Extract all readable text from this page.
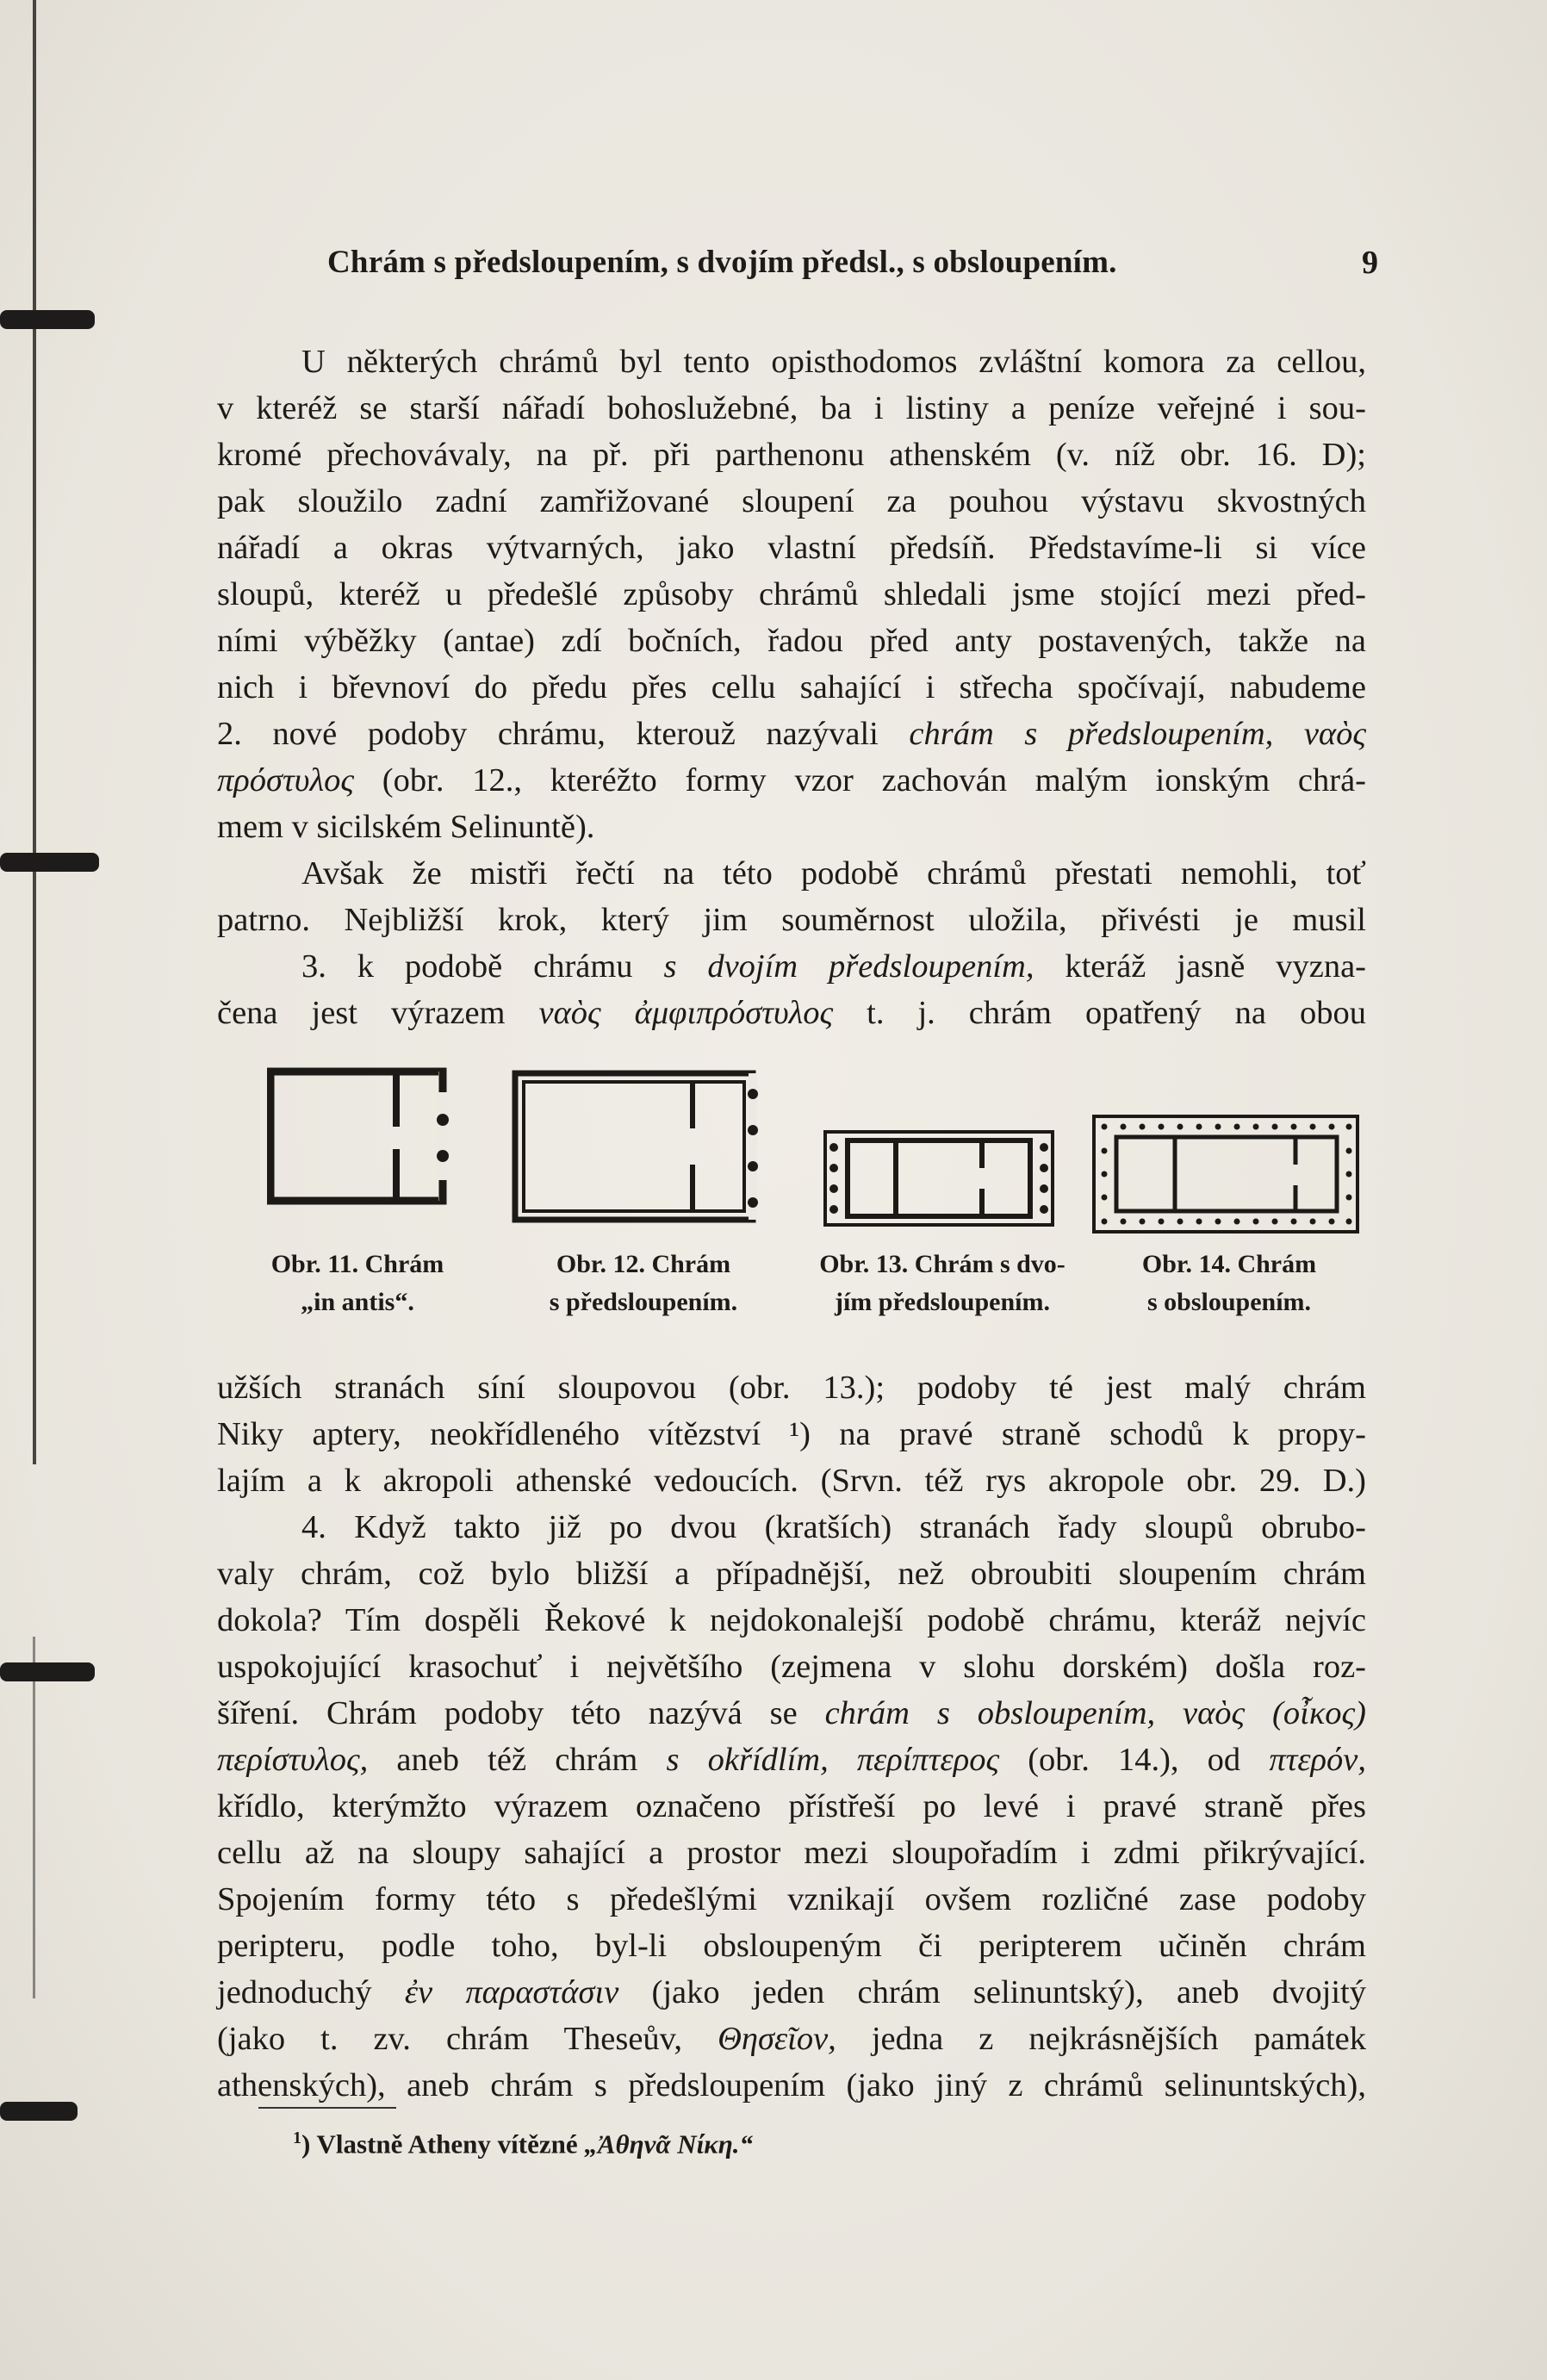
Chrám s předsloupením, s dvojím předsl., s obsloupením.	9
U některých chrámů byl tento opisthodomos zvláštní komora za cellou,
v kteréž se starší nářadí bohoslužebné, ba i listiny a peníze veřejné i sou-
kromé přechovávaly, na př. při parthenonu athenském (v. níž obr. 16. D);
pak sloužilo zadní zamřižované sloupení za pouhou výstavu skvostných
nářadí a okras výtvarných, jako vlastní předsíň. Představíme-li si více
sloupů, kteréž u předešlé způsoby chrámů shledali jsme stojící mezi před-
ními výběžky (antae) zdí bočních, řadou před anty postavených, takže na
nich i břevnoví do předu přes cellu sahající i střecha spočívají, nabudeme
2. nové podoby chrámu, kterouž nazývali chrám s předsloupením, ναὸς
πρόστυλος (obr. 12., kteréžto formy vzor zachován malým ionským chrá-
mem v sicilském Selinuntě).
Avšak že mistři řečtí na této podobě chrámů přestati nemohli, toť
patrno. Nejbližší krok, který jim souměrnost uložila, přivésti je musil
3. k podobě chrámu s dvojím předsloupením, kteráž jasně vyzna-
čena jest výrazem ναὸς ἀμφιπρόστυλος t. j. chrám opatřený na obou
Obr. 11. Chrám
„in antis“.
Obr. 12. Chrám
s předsloupením.
Obr. 13. Chrám s dvo-
jím předsloupením.
Obr. 14. Chrám
s obsloupením.
užších stranách síní sloupovou (obr. 13.); podoby té jest malý chrám
Niky aptery, neokřídleného vítězství ¹) na pravé straně schodů k propy-
lajím a k akropoli athenské vedoucích. (Srvn. též rys akropole obr. 29. D.)
4. Když takto již po dvou (kratších) stranách řady sloupů obrubo-
valy chrám, což bylo bližší a případnější, než obroubiti sloupením chrám
dokola? Tím dospěli Řekové k nejdokonalejší podobě chrámu, kteráž nejvíc
uspokojující krasochuť i největšího (zejmena v slohu dorském) došla roz-
šíření. Chrám podoby této nazývá se chrám s obsloupením, ναὸς (οἶκος)
περίστυλος, aneb též chrám s okřídlím, περίπτερος (obr. 14.), od πτερόν,
křídlo, kterýmžto výrazem označeno přístřeší po levé i pravé straně přes
cellu až na sloupy sahající a prostor mezi sloupořadím i zdmi přikrývající.
Spojením formy této s předešlými vznikají ovšem rozličné zase podoby
peripteru, podle toho, byl-li obsloupeným či peripterem učiněn chrám
jednoduchý ἐν παραστάσιν (jako jeden chrám selinuntský), aneb dvojitý
(jako t. zv. chrám Theseův, Θησεῖον, jedna z nejkrásnějších památek
athenských), aneb chrám s předsloupením (jako jiný z chrámů selinuntských),
$^1$) Vlastně Atheny vítězné „Ἀθηνᾶ Νίκη.“
